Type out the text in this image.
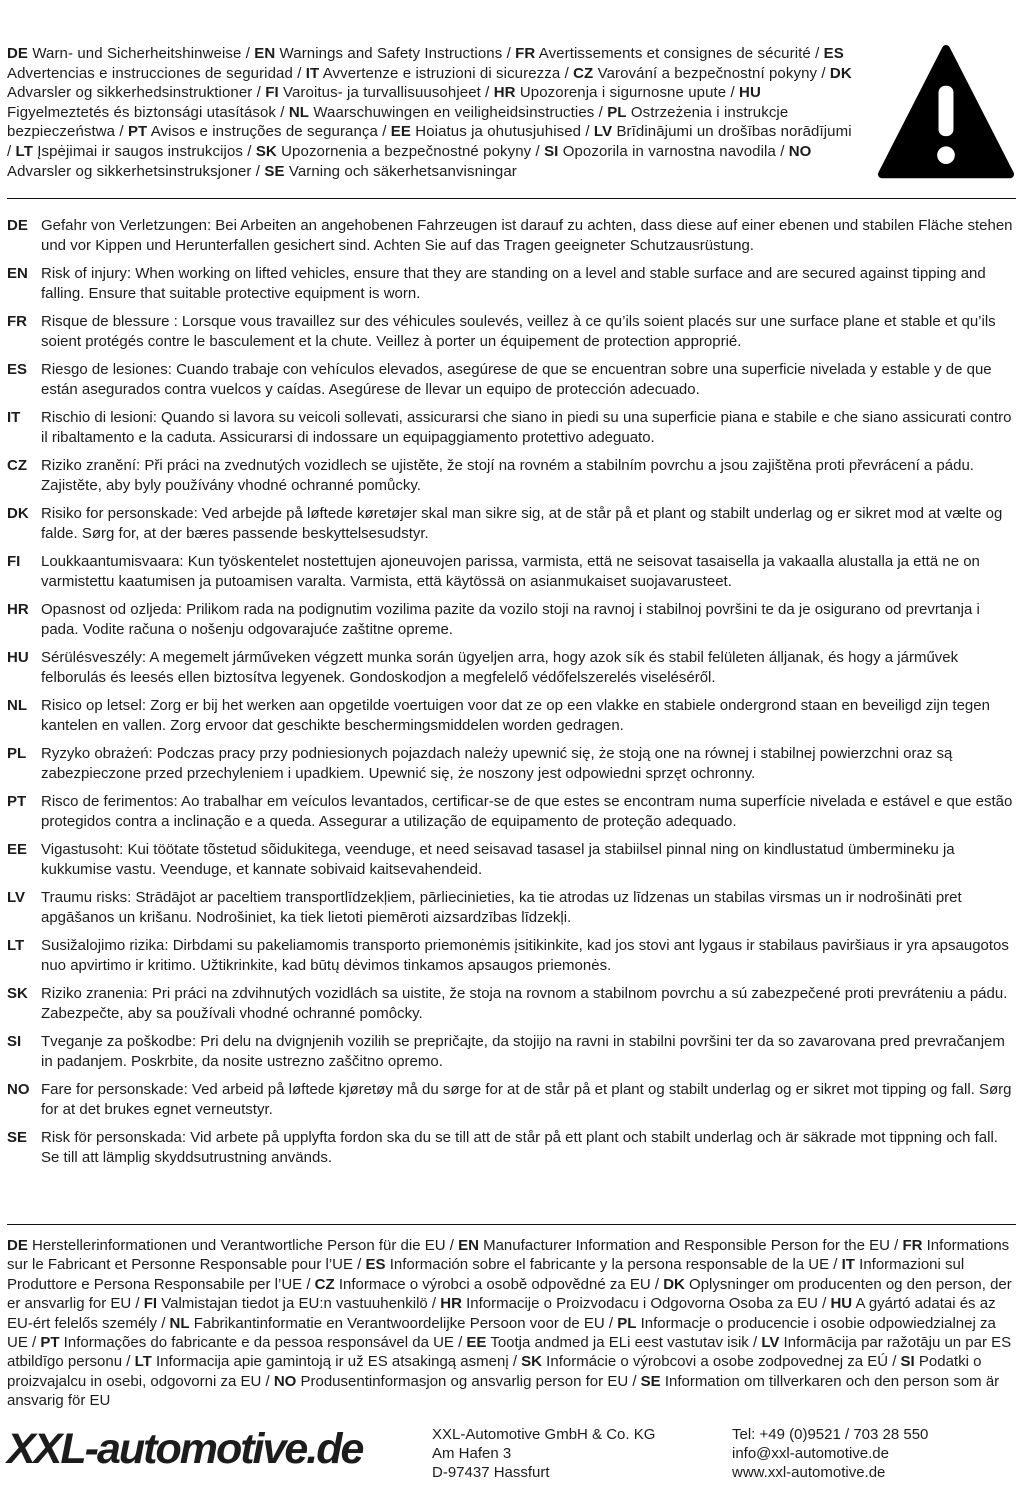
DE Warn- und Sicherheitshinweise / EN Warnings and Safety Instructions / FR Avertissements et consignes de sécurité / ES Advertencias e instrucciones de seguridad / IT Avvertenze e istruzioni di sicurezza / CZ Varování a bezpečnostní pokyny / DK Advarsler og sikkerhedsinstruktioner / FI Varoitus- ja turvallisuusohjeet / HR Upozorenja i sigurnosne upute / HU Figyelmeztetés és biztonsági utasítások / NL Waarschuwingen en veiligheidsinstructies / PL Ostrzeżenia i instrukcje bezpieczeństwa / PT Avisos e instruções de segurança / EE Hoiatus ja ohutusjuhised / LV Brīdinājumi un drošības norādījumi / LT Įspėjimai ir saugos instrukcijos / SK Upozornenia a bezpečnostné pokyny / SI Opozorila in varnostna navodila / NO Advarsler og sikkerhetsinstruksjoner / SE Varning och säkerhetsanvisningar
DE Gefahr von Verletzungen: Bei Arbeiten an angehobenen Fahrzeugen ist darauf zu achten, dass diese auf einer ebenen und stabilen Fläche stehen und vor Kippen und Herunterfallen gesichert sind. Achten Sie auf das Tragen geeigneter Schutzausrüstung.
EN Risk of injury: When working on lifted vehicles, ensure that they are standing on a level and stable surface and are secured against tipping and falling. Ensure that suitable protective equipment is worn.
FR Risque de blessure : Lorsque vous travaillez sur des véhicules soulevés, veillez à ce qu’ils soient placés sur une surface plane et stable et qu’ils soient protégés contre le basculement et la chute. Veillez à porter un équipement de protection approprié.
ES Riesgo de lesiones: Cuando trabaje con vehículos elevados, asegúrese de que se encuentran sobre una superficie nivelada y estable y de que están asegurados contra vuelcos y caídas. Asegúrese de llevar un equipo de protección adecuado.
IT	Rischio di lesioni: Quando si lavora su veicoli sollevati, assicurarsi che siano in piedi su una superficie piana e stabile e che siano assicurati contro il ribaltamento e la caduta. Assicurarsi di indossare un equipaggiamento protettivo adeguato.
CZ Riziko zranění: Při práci na zvednutých vozidlech se ujistěte, že stojí na rovném a stabilním povrchu a jsou zajištěna proti převrácení a pádu. Zajistěte, aby byly používány vhodné ochranné pomůcky.
DK Risiko for personskade: Ved arbejde på løftede køretøjer skal man sikre sig, at de står på et plant og stabilt underlag og er sikret mod at vælte og falde. Sørg for, at der bæres passende beskyttelsesudstyr.
FI	Loukkaantumisvaara: Kun työskentelet nostettujen ajoneuvojen parissa, varmista, että ne seisovat tasaisella ja vakaalla alustalla ja että ne on varmistettu kaatumisen ja putoamisen varalta. Varmista, että käytössä on asianmukaiset suojavarusteet.
HR Opasnost od ozljeda: Prilikom rada na podignutim vozilima pazite da vozilo stoji na ravnoj i stabilnoj površini te da je osigurano od prevrtanja i pada. Vodite računa o nošenju odgovarajuće zaštitne opreme.
HU Sérülésveszély: A megemelt járműveken végzett munka során ügyeljen arra, hogy azok sík és stabil felületen álljanak, és hogy a járművek felborulás és leesés ellen biztosítva legyenek. Gondoskodjon a megfelelő védőfelszerelés viseléséről.
NL Risico op letsel: Zorg er bij het werken aan opgetilde voertuigen voor dat ze op een vlakke en stabiele ondergrond staan en beveiligd zijn tegen kantelen en vallen. Zorg ervoor dat geschikte beschermingsmiddelen worden gedragen.
PL Ryzyko obrażeń: Podczas pracy przy podniesionych pojazdach należy upewnić się, że stoją one na równej i stabilnej powierzchni oraz są zabezpieczone przed przechyleniem i upadkiem. Upewnić się, że noszony jest odpowiedni sprzęt ochronny.
PT Risco de ferimentos: Ao trabalhar em veículos levantados, certificar-se de que estes se encontram numa superfície nivelada e estável e que estão protegidos contra a inclinação e a queda. Assegurar a utilização de equipamento de proteção adequado.
EE Vigastusoht: Kui töötate tõstetud sõidukitega, veenduge, et need seisavad tasasel ja stabiilsel pinnal ning on kindlustatud ümbermineku ja kukkumise vastu. Veenduge, et kannate sobivaid kaitsevahendeid.
LV	Traumu risks: Strādājot ar paceltiem transportlīdzekļiem, pārliecinieties, ka tie atrodas uz līdzenas un stabilas virsmas un ir nodrošināti pret apgāšanos un krišanu. Nodrošiniet, ka tiek lietoti piemēroti aizsardzības līdzekļi.
LT	Susižalojimo rizika: Dirbdami su pakeliamomis transporto priemonėmis įsitikinkite, kad jos stovi ant lygaus ir stabilaus paviršiaus ir yra apsaugotos nuo apvirtimo ir kritimo. Užtikrinkite, kad būtų dėvimos tinkamos apsaugos priemonės.
SK Riziko zranenia: Pri práci na zdvihnutých vozidlách sa uistite, že stoja na rovnom a stabilnom povrchu a sú zabezpečené proti prevráteniu a pádu. Zabezpečte, aby sa používali vhodné ochranné pomôcky.
SI	Tveganje za poškodbe: Pri delu na dvignjenih vozilih se prepričajte, da stojijo na ravni in stabilni površini ter da so zavarovana pred prevračanjem in padanjem. Poskrbite, da nosite ustrezno zaščitno opremo.
NO Fare for personskade: Ved arbeid på løftede kjøretøy må du sørge for at de står på et plant og stabilt underlag og er sikret mot tipping og fall. Sørg for at det brukes egnet verneutstyr.
SE Risk för personskada: Vid arbete på upplyfta fordon ska du se till att de står på ett plant och stabilt underlag och är säkrade mot tippning och fall. Se till att lämplig skyddsutrustning används.
DE Herstellerinformationen und Verantwortliche Person für die EU / EN Manufacturer Information and Responsible Person for the EU / FR Informations sur le Fabricant et Personne Responsable pour l’UE / ES Información sobre el fabricante y la persona responsable de la UE / IT Informazioni sul Produttore e Persona Responsabile per l’UE / CZ Informace o výrobci a osobě odpovědné za EU / DK Oplysninger om producenten og den person, der er ansvarlig for EU / FI Valmistajan tiedot ja EU:n vastuuhenkilö / HR Informacije o Proizvodacu i Odgovorna Osoba za EU / HU A gyártó adatai és az EU-ért felelős személy / NL Fabrikantinformatie en Verantwoordelijke Persoon voor de EU / PL Informacje o producencie i osobie odpowiedzialnej za UE / PT Informações do fabricante e da pessoa responsável da UE / EE Tootja andmed ja ELi eest vastutav isik / LV Informācija par ražotāju un par ES atbildīgo personu / LT Informacija apie gamintoją ir už ES atsakingą asmenį / SK Informácie o výrobcovi a osobe zodpovednej za EÚ / SI Podatki o proizvajalcu in osebi, odgovorni za EU / NO Produsentinformasjon og ansvarlig person for EU / SE Information om tillverkaren och den person som är ansvarig för EU
XXL-automotive.de	XXL-Automotive GmbH & Co. KG
Am Hafen 3
D-97437 Hassfurt
Tel: +49 (0)9521 / 703 28 550
info@xxl-automotive.de
www.xxl-automotive.de
